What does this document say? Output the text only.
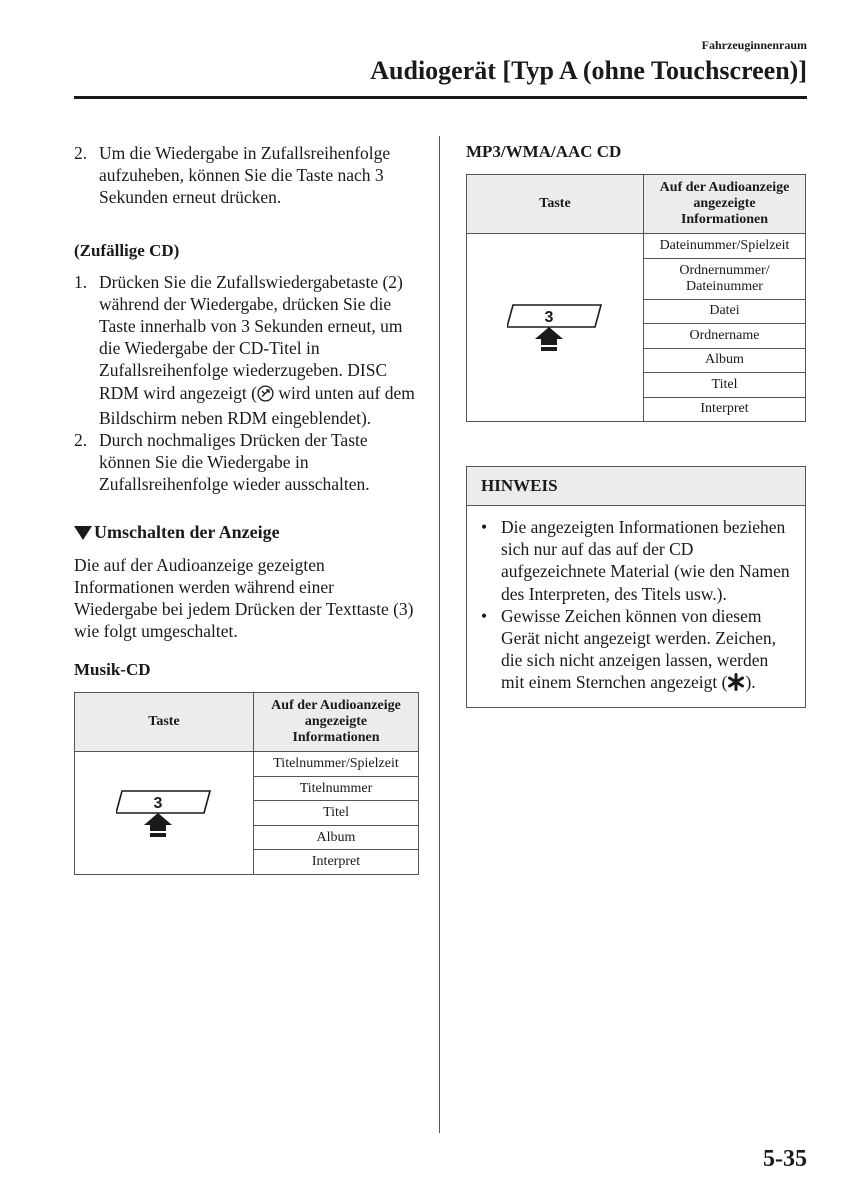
Fahrzeuginnenraum
Audiogerät [Typ A (ohne Touchscreen)]
2. Um die Wiedergabe in Zufallsreihenfolge aufzuheben, können Sie die Taste nach 3 Sekunden erneut drücken.

(Zufällige CD)

1. Drücken Sie die Zufallswiedergabetaste (2) während der Wiedergabe, drücken Sie die Taste innerhalb von 3 Sekunden erneut, um die Wiedergabe der CD-Titel in Zufallsreihenfolge wiederzugeben. DISC RDM wird angezeigt ( wird unten auf dem Bildschirm neben RDM eingeblendet).
2. Durch nochmaliges Drücken der Taste können Sie die Wiedergabe in Zufallsreihenfolge wieder ausschalten.
Umschalten der Anzeige
Die auf der Audioanzeige gezeigten Informationen werden während einer Wiedergabe bei jedem Drücken der Texttaste (3) wie folgt umgeschaltet.

Musik-CD

Taste	Auf der Audioanzeige
angezeigte
Informationen

3	Titelnummer/Spielzeit
	Titelnummer
	Titel
	Album
	Interpret

MP3/WMA/AAC CD

Taste	Auf der Audioanzeige
angezeigte
Informationen

3	Dateinummer/Spielzeit

	Ordnernummer/
Dateinummer

	Datei
	Ordnername
	Album
	Titel
	Interpret
HINWEIS
• Die angezeigten Informationen beziehen sich nur auf das auf der CD aufgezeichnete Material (wie den Namen des Interpreten, des Titels usw.).
• Gewisse Zeichen können von diesem Gerät nicht angezeigt werden. Zeichen, die sich nicht anzeigen lassen, werden mit einem Sternchen angezeigt ( ).
5-35
